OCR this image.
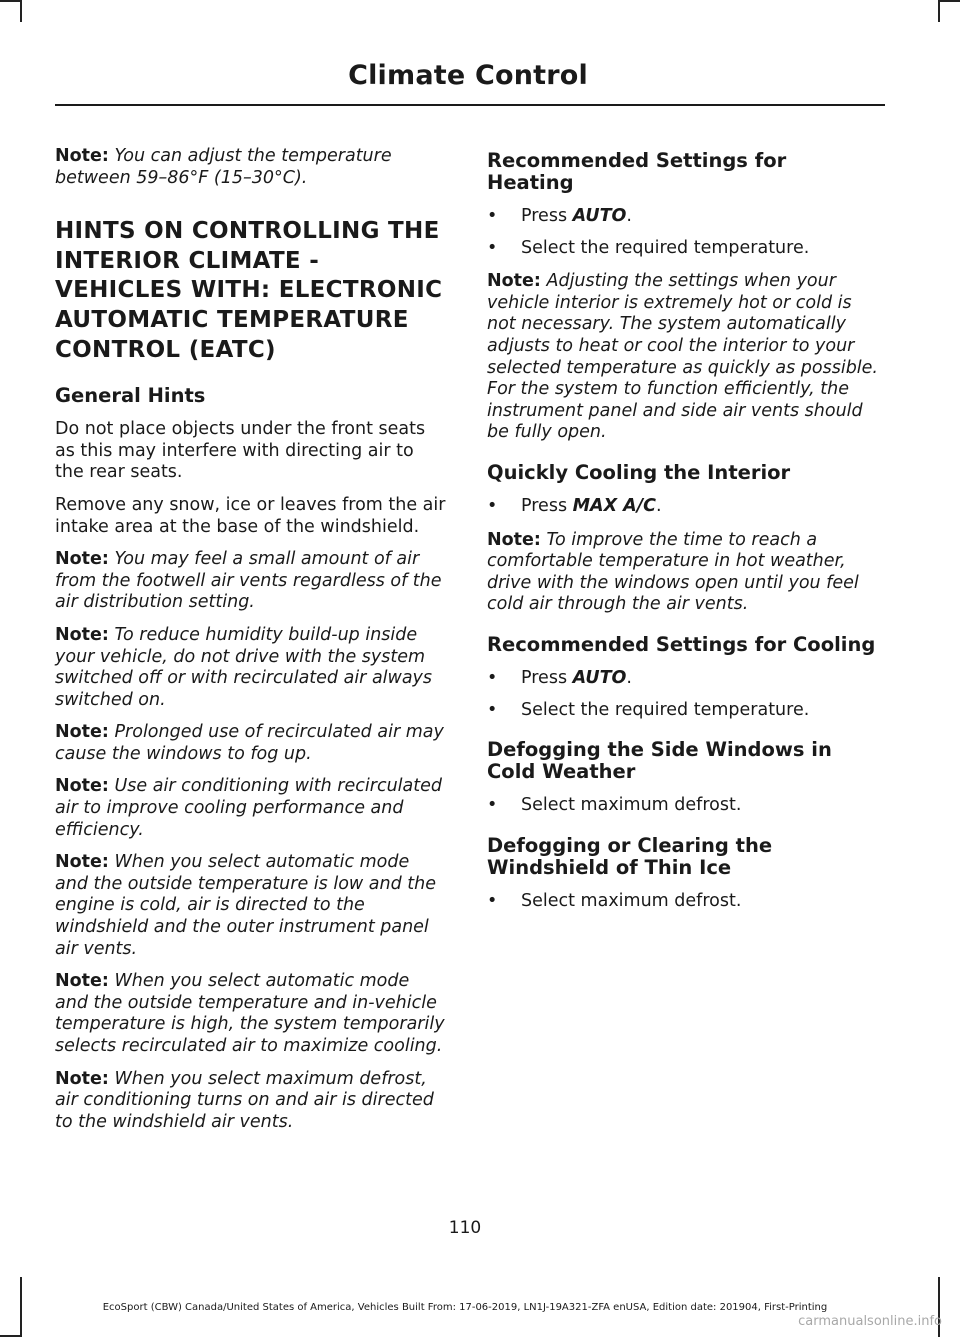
Climate Control

Note: You can adjust the temperature between 59–86°F (15–30°C).

HINTS ON CONTROLLING THE INTERIOR CLIMATE - VEHICLES WITH: ELECTRONIC AUTOMATIC TEMPERATURE CONTROL (EATC)
General Hints

Do not place objects under the front seats as this may interfere with directing air to the rear seats.

Remove any snow, ice or leaves from the air intake area at the base of the windshield.

Note: You may feel a small amount of air from the footwell air vents regardless of the air distribution setting.

Note: To reduce humidity build-up inside your vehicle, do not drive with the system switched off or with recirculated air always switched on.

Note: Prolonged use of recirculated air may cause the windows to fog up.

Note: Use air conditioning with recirculated air to improve cooling performance and efficiency.

Note: When you select automatic mode and the outside temperature is low and the engine is cold, air is directed to the windshield and the outer instrument panel air vents.

Note: When you select automatic mode and the outside temperature and in-vehicle temperature is high, the system temporarily selects recirculated air to maximize cooling.

Note: When you select maximum defrost, air conditioning turns on and air is directed to the windshield air vents.

Recommended Settings for Heating
• Press AUTO.
• Select the required temperature.

Note: Adjusting the settings when your vehicle interior is extremely hot or cold is not necessary. The system automatically adjusts to heat or cool the interior to your selected temperature as quickly as possible. For the system to function efficiently, the instrument panel and side air vents should be fully open.

Quickly Cooling the Interior
• Press MAX A/C.

Note: To improve the time to reach a comfortable temperature in hot weather, drive with the windows open until you feel cold air through the air vents.

Recommended Settings for Cooling
• Press AUTO.
• Select the required temperature.
Defogging the Side Windows in Cold Weather
• Select maximum defrost.
Defogging or Clearing the Windshield of Thin Ice
• Select maximum defrost.
110
EcoSport (CBW) Canada/United States of America, Vehicles Built From: 17-06-2019, LN1J-19A321-ZFA enUSA, Edition date: 201904, First-Printing
carmanualsonline.info
